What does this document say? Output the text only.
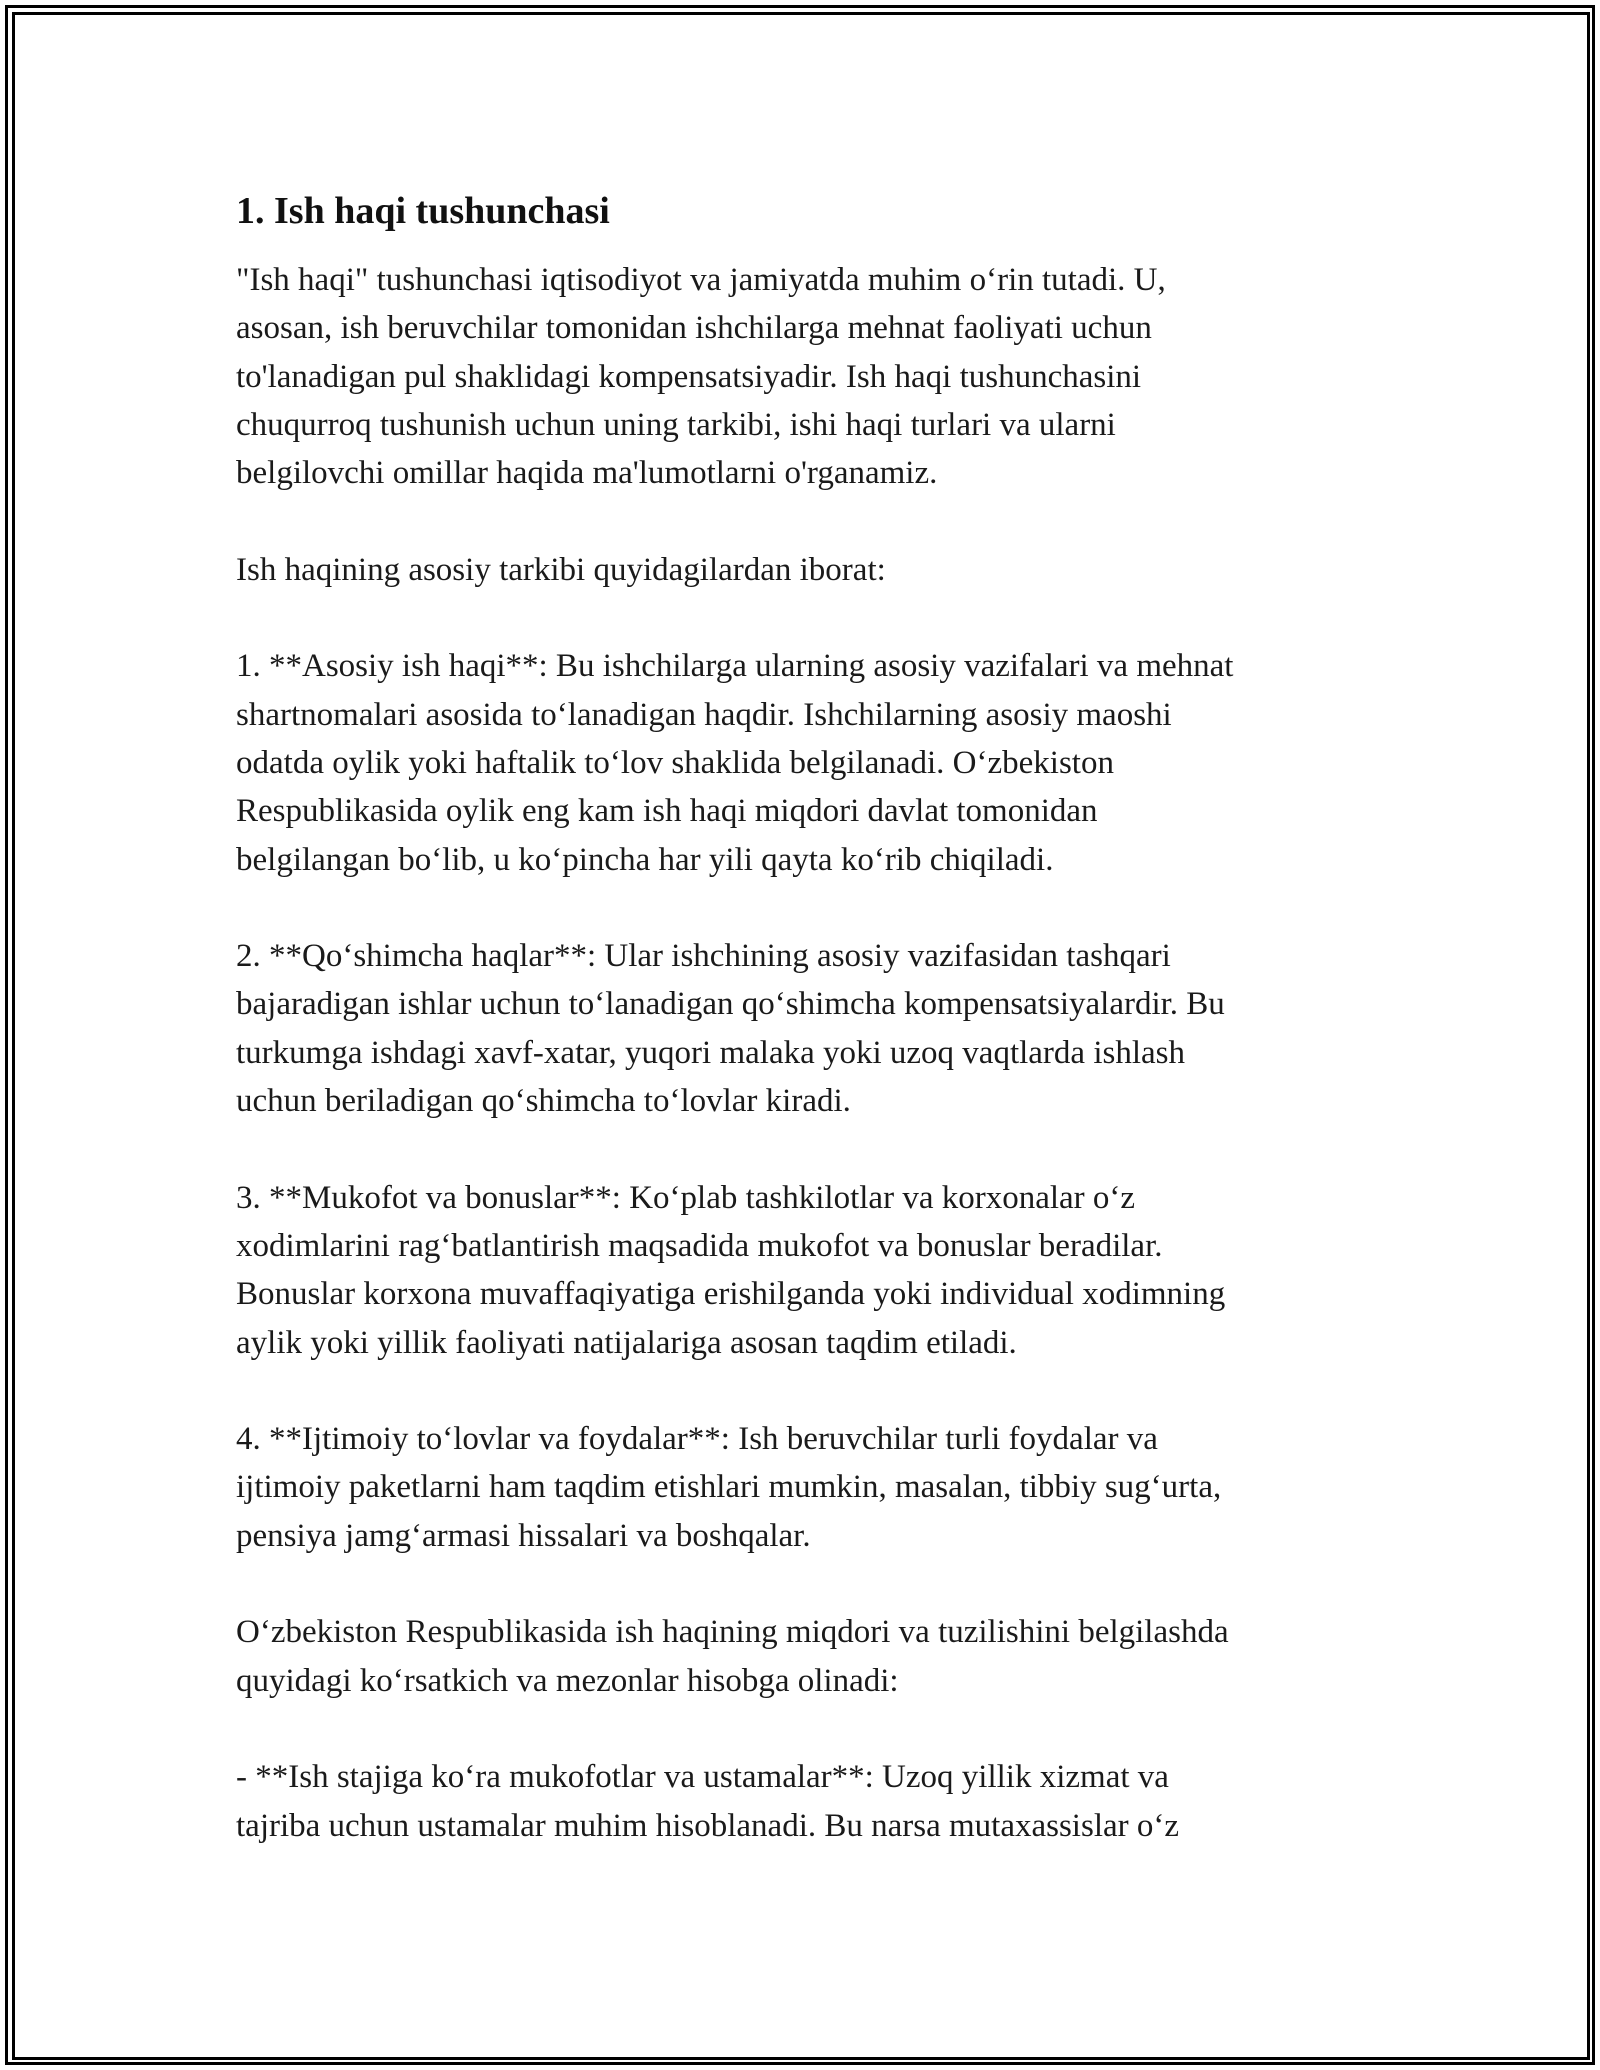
1. Ish haqi tushunchasi
"Ish haqi" tushunchasi iqtisodiyot va jamiyatda muhim oʻrin tutadi. U,
asosan, ish beruvchilar tomonidan ishchilarga mehnat faoliyati uchun
to'lanadigan pul shaklidagi kompensatsiyadir. Ish haqi tushunchasini
chuqurroq tushunish uchun uning tarkibi, ishi haqi turlari va ularni
belgilovchi omillar haqida ma'lumotlarni o'rganamiz.
Ish haqining asosiy tarkibi quyidagilardan iborat:
1. **Asosiy ish haqi**: Bu ishchilarga ularning asosiy vazifalari va mehnat
shartnomalari asosida toʻlanadigan haqdir. Ishchilarning asosiy maoshi
odatda oylik yoki haftalik toʻlov shaklida belgilanadi. Oʻzbekiston
Respublikasida oylik eng kam ish haqi miqdori davlat tomonidan
belgilangan boʻlib, u koʻpincha har yili qayta koʻrib chiqiladi.
2. **Qoʻshimcha haqlar**: Ular ishchining asosiy vazifasidan tashqari
bajaradigan ishlar uchun toʻlanadigan qoʻshimcha kompensatsiyalardir. Bu
turkumga ishdagi xavf-xatar, yuqori malaka yoki uzoq vaqtlarda ishlash
uchun beriladigan qoʻshimcha toʻlovlar kiradi.
3. **Mukofot va bonuslar**: Koʻplab tashkilotlar va korxonalar oʻz
xodimlarini ragʻbatlantirish maqsadida mukofot va bonuslar beradilar.
Bonuslar korxona muvaffaqiyatiga erishilganda yoki individual xodimning
aylik yoki yillik faoliyati natijalariga asosan taqdim etiladi.
4. **Ijtimoiy toʻlovlar va foydalar**: Ish beruvchilar turli foydalar va
ijtimoiy paketlarni ham taqdim etishlari mumkin, masalan, tibbiy sugʻurta,
pensiya jamgʻarmasi hissalari va boshqalar.
Oʻzbekiston Respublikasida ish haqining miqdori va tuzilishini belgilashda
quyidagi koʻrsatkich va mezonlar hisobga olinadi:
- **Ish stajiga koʻra mukofotlar va ustamalar**: Uzoq yillik xizmat va
tajriba uchun ustamalar muhim hisoblanadi. Bu narsa mutaxassislar oʻz
